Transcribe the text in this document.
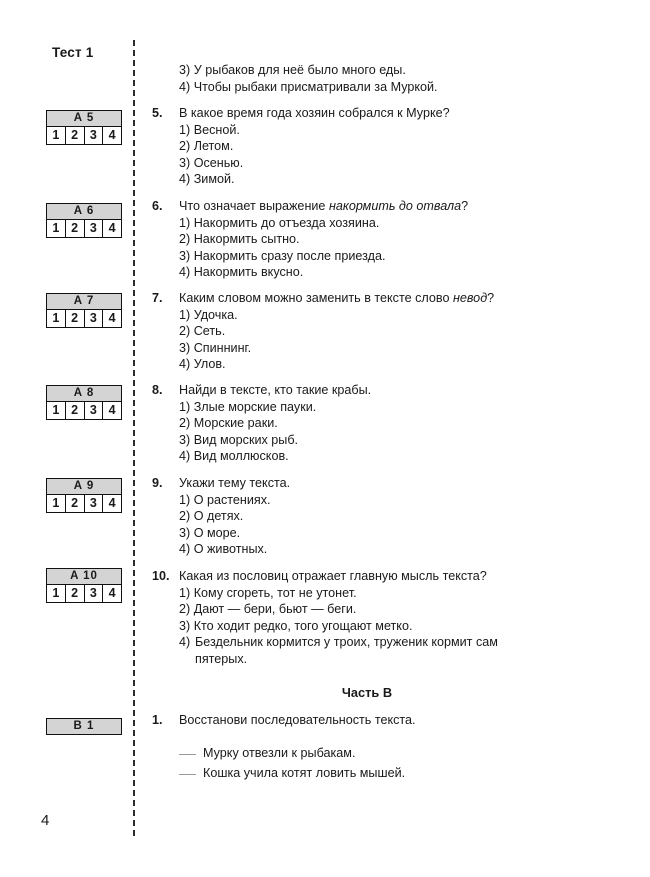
Тест 1
A 5
1 2 3 4
A 6
1 2 3 4
A 7
1 2 3 4
A 8
1 2 3 4
A 9
1 2 3 4
A 10
1 2 3 4
В 1
4
3) У рыбаков для неё было много еды.
4) Чтобы рыбаки присматривали за Муркой.
5.	В какое время года хозяин собрался к Мурке?
1) Весной.
2) Летом.
3) Осенью.
4) Зимой.
6.	Что означает выражение накормить до отвала?
1) Накормить до отъезда хозяина.
2) Накормить сытно.
3) Накормить сразу после приезда.
4) Накормить вкусно.
7.	Каким словом можно заменить в тексте слово невод?
1) Удочка.
2) Сеть.
3) Спиннинг.
4) Улов.
8.	Найди в тексте, кто такие крабы.
1) Злые морские пауки.
2) Морские раки.
3) Вид морских рыб.
4) Вид моллюсков.
9.	Укажи тему текста.
1) О растениях.
2) О детях.
3) О море.
4) О животных.
10. Какая из пословиц отражает главную мысль текста?
1) Кому сгореть, тот не утонет.
2) Дают — бери, бьют — беги.
3) Кто ходит редко, того угощают метко.
4) Бездельник кормится у троих, труженик кормит сам
пятерых.
Часть В
1.	Восстанови последовательность текста.
Мурку отвезли к рыбакам.
Кошка учила котят ловить мышей.
